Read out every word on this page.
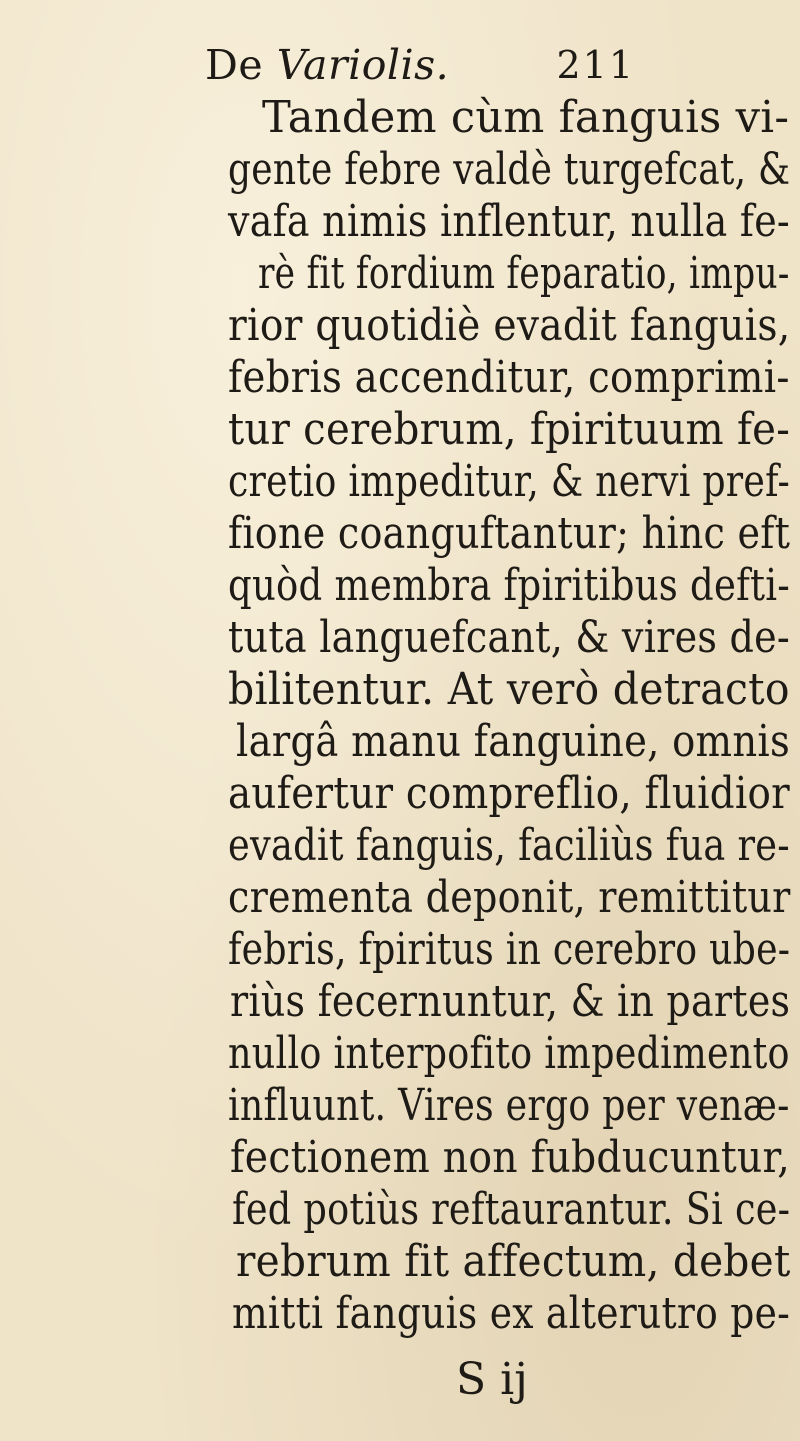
De Variolis.	211
Tandem cùm fanguis vi-
gente febre valdè turgefcat, &
vafa nimis inflentur, nulla fe-
rè fit fordium feparatio, impu-
rior quotidiè evadit fanguis,
febris accenditur, comprimi-
tur cerebrum, fpirituum fe-
cretio impeditur, & nervi pref-
fione coanguftantur; hinc eft
quòd membra fpiritibus defti-
tuta languefcant, & vires de-
bilitentur. At verò detracto
largâ manu fanguine, omnis
aufertur compreflio, fluidior
evadit fanguis, faciliùs fua re-
crementa deponit, remittitur
febris, fpiritus in cerebro ube-
riùs fecernuntur, & in partes
nullo interpofito impedimento
influunt. Vires ergo per venæ-
fectionem non fubducuntur,
fed potiùs reftaurantur. Si ce-
rebrum fit affectum, debet
mitti fanguis ex alterutro pe-
S ij
